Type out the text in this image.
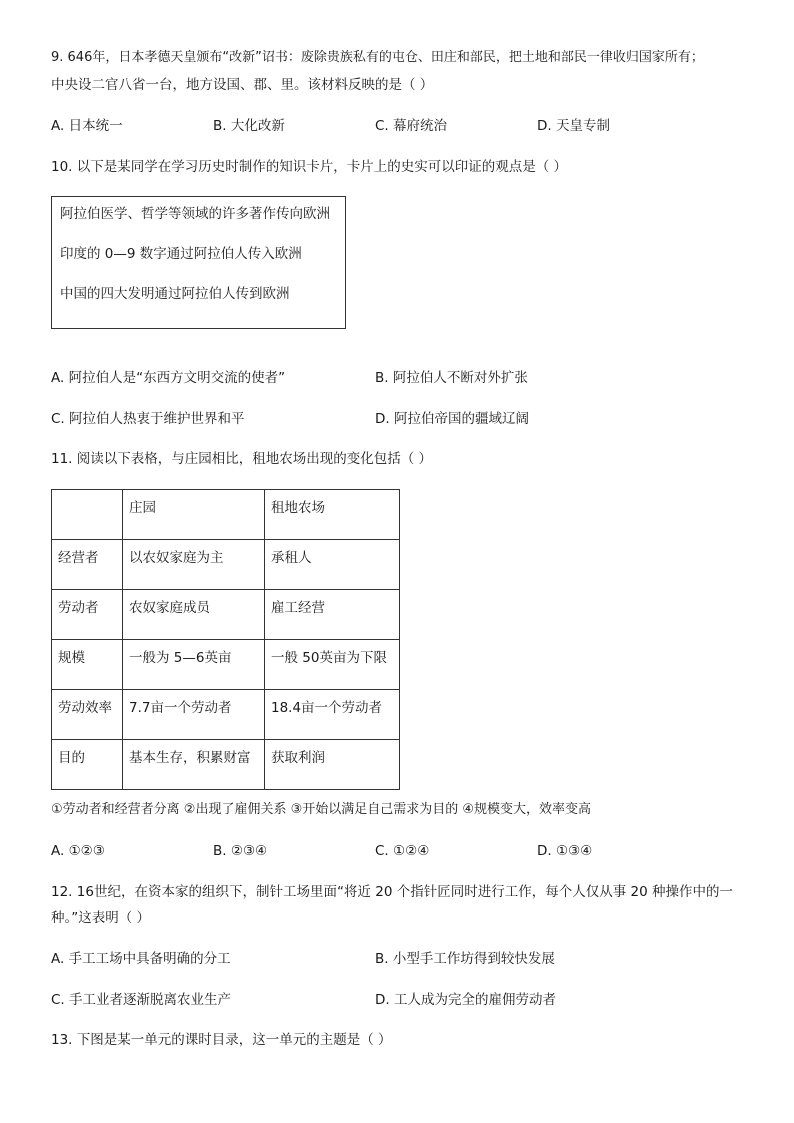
9. 646年，日本孝德天皇颁布“改新”诏书：废除贵族私有的屯仓、田庄和部民，把土地和部民一律收归国家所有；
中央设二官八省一台，地方设国、郡、里。该材料反映的是（ ）
A. 日本统一	B. 大化改新	C. 幕府统治	D. 天皇专制
10. 以下是某同学在学习历史时制作的知识卡片，卡片上的史实可以印证的观点是（ ）
阿拉伯医学、哲学等领域的许多著作传向欧洲
印度的 0—9 数字通过阿拉伯人传入欧洲
中国的四大发明通过阿拉伯人传到欧洲
A. 阿拉伯人是“东西方文明交流的使者”	B. 阿拉伯人不断对外扩张
C. 阿拉伯人热衷于维护世界和平	D. 阿拉伯帝国的疆域辽阔
11. 阅读以下表格，与庄园相比，租地农场出现的变化包括（ ）
	庄园	租地农场
经营者	以农奴家庭为主	承租人
劳动者	农奴家庭成员	雇工经营
规模	一般为 5—6英亩	一般 50英亩为下限
劳动效率	7.7亩一个劳动者	18.4亩一个劳动者
目的	基本生存，积累财富	获取利润
①劳动者和经营者分离 ②出现了雇佣关系 ③开始以满足自己需求为目的 ④规模变大，效率变高
A. ①②③	B. ②③④	C. ①②④	D. ①③④
12. 16世纪，在资本家的组织下，制针工场里面“将近 20 个指针匠同时进行工作，每个人仅从事 20 种操作中的一
种。”这表明（ ）
A. 手工工场中具备明确的分工	B. 小型手工作坊得到较快发展
C. 手工业者逐渐脱离农业生产	D. 工人成为完全的雇佣劳动者
13. 下图是某一单元的课时目录，这一单元的主题是（ ）
